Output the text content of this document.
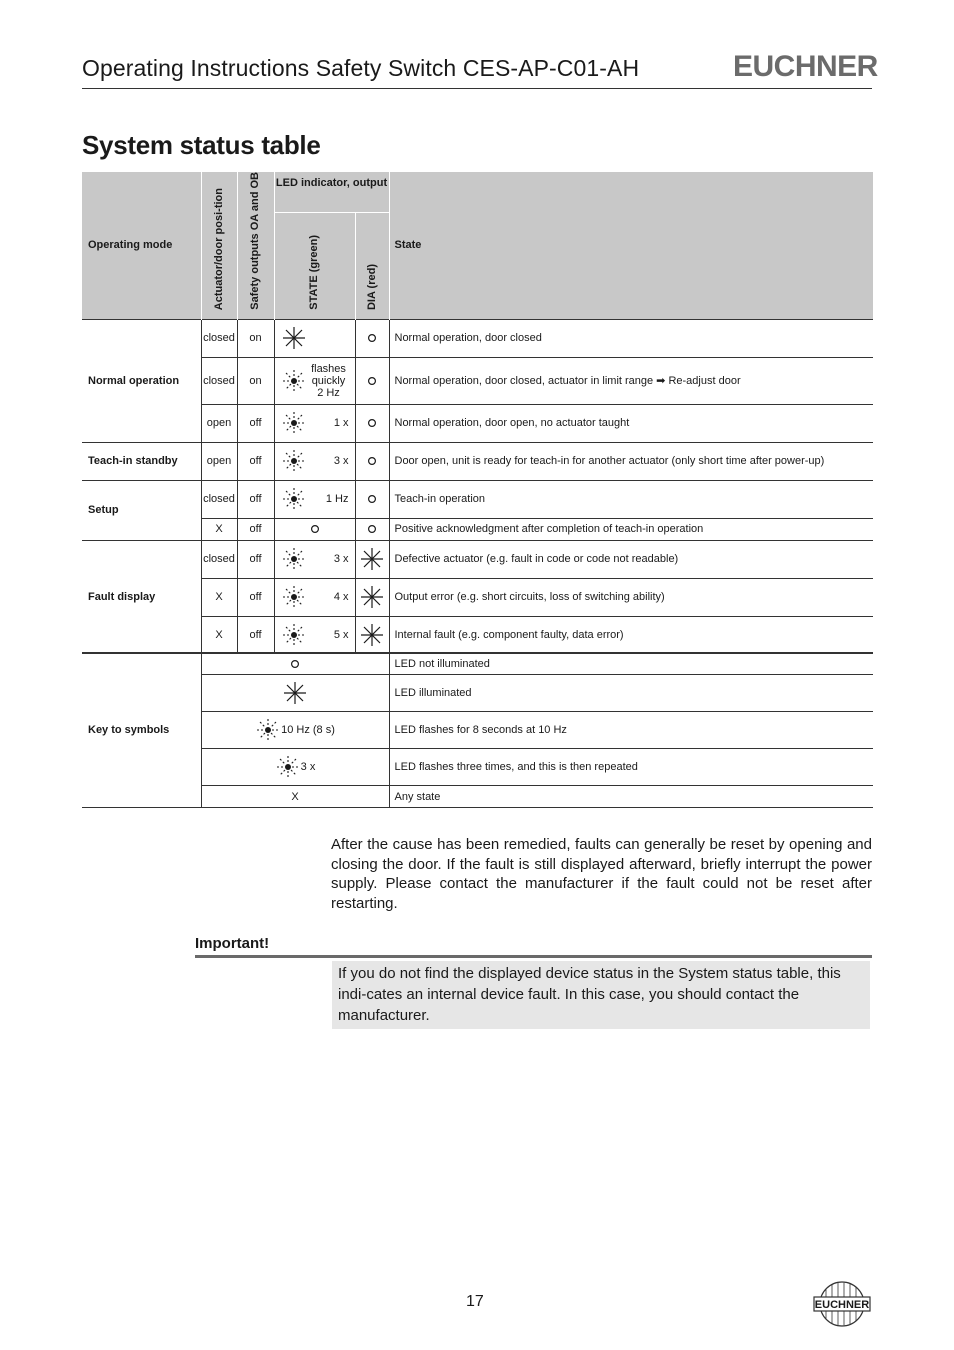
Operating Instructions Safety Switch CES-AP-C01-AH	EUCHNER
System status table
Operating mode	Actuator/door posi-tion	Safety outputs OA and OB	LED indicator, output		State
			STATE (green)	DIA (red)	
Normal operation	closed	on			Normal operation, door closed
	closed	on	flashes quickly 2 Hz		Normal operation, door closed, actuator in limit range ➡ Re-adjust door
	open	off	1 x		Normal operation, door open, no actuator taught
Teach-in standby	open	off	3 x		Door open, unit is ready for teach-in for another actuator (only short time after power-up)
Setup	closed	off	1 Hz		Teach-in operation
	X	off			Positive acknowledgment after completion of teach-in operation
Fault display	closed	off	3 x		Defective actuator (e.g. fault in code or code not readable)
	X	off	4 x		Output error (e.g. short circuits, loss of switching ability)
	X	off	5 x		Internal fault (e.g. component faulty, data error)
Key to symbols		LED not illuminated
	LED illuminated
	10 Hz (8 s)	LED flashes for 8 seconds at 10 Hz
	3 x	LED flashes three times, and this is then repeated
	X	Any state
After the cause has been remedied, faults can generally be reset by opening and closing the door. If the fault is still displayed afterward, briefly interrupt the power supply. Please contact the manufacturer if the fault could not be reset after restarting.
Important!
If you do not find the displayed device status in the System status table, this indi-cates an internal device fault. In this case, you should contact the manufacturer.
17	EUCHNER
